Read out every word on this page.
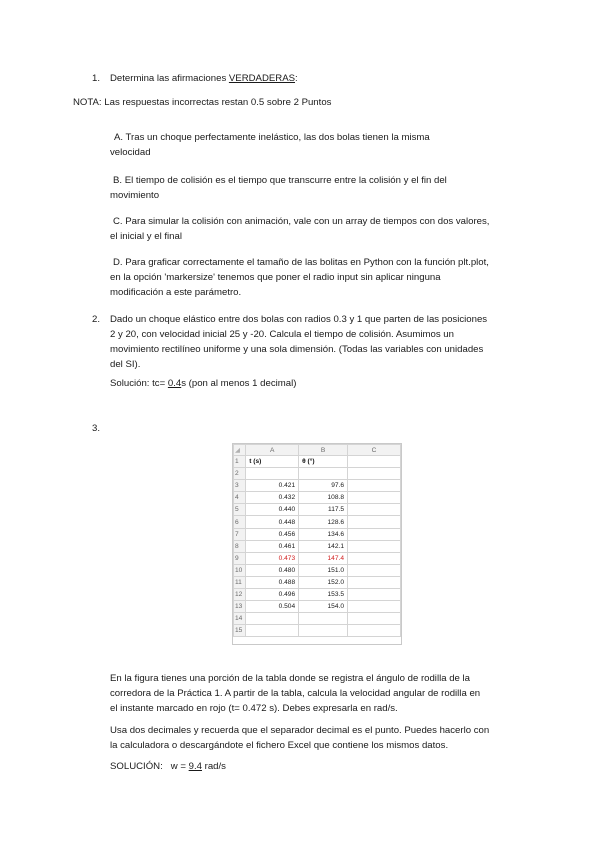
1. Determina las afirmaciones VERDADERAS:
NOTA: Las respuestas incorrectas restan 0.5 sobre 2 Puntos
A. Tras un choque perfectamente inelástico, las dos bolas tienen la misma
velocidad
B. El tiempo de colisión es el tiempo que transcurre entre la colisión y el fin del
movimiento
C. Para simular la colisión con animación, vale con un array de tiempos con dos valores,
el inicial y el final
D. Para graficar correctamente el tamaño de las bolitas en Python con la función plt.plot,
en la opción 'markersize' tenemos que poner el radio input sin aplicar ninguna
modificación a este parámetro.
2. Dado un choque elástico entre dos bolas con radios 0.3 y 1 que parten de las posiciones
2 y 20, con velocidad inicial 25 y -20. Calcula el tiempo de colisión. Asumimos un
movimiento rectilíneo uniforme y una sola dimensión. (Todas las variables con unidades
del SI).
Solución: tc= 0.4s (pon al menos 1 decimal)
3.
◢	A	B	C
1	t (s)	θ (°)	
2			
3	0.421	97.6	
4	0.432	108.8	
5	0.440	117.5	
6	0.448	128.6	
7	0.456	134.6	
8	0.461	142.1	
9	0.473	147.4	
10	0.480	151.0	
11	0.488	152.0	
12	0.496	153.5	
13	0.504	154.0	
14			
15			
En la figura tienes una porción de la tabla donde se registra el ángulo de rodilla de la
corredora de la Práctica 1. A partir de la tabla, calcula la velocidad angular de rodilla en
el instante marcado en rojo (t= 0.472 s). Debes expresarla en rad/s.
Usa dos decimales y recuerda que el separador decimal es el punto. Puedes hacerlo con
la calculadora o descargándote el fichero Excel que contiene los mismos datos.
SOLUCIÓN:   w = 9.4 rad/s
